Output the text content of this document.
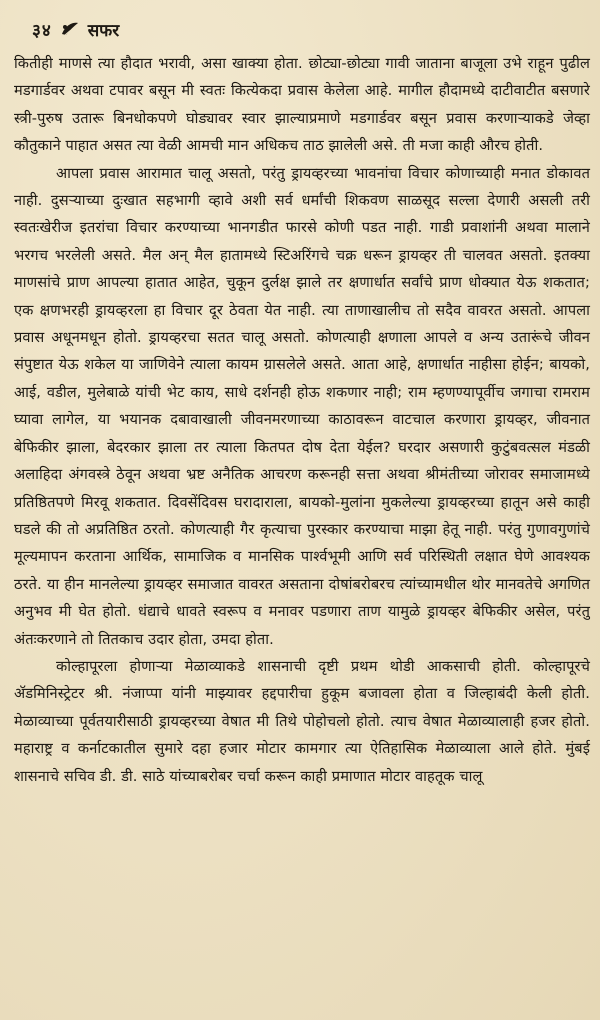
३४ सफर

कितीही माणसे त्या हौदात भरावी, असा खाक्या होता. छोट्या-छोट्या गावी जाताना बाजूला उभे राहून पुढील मडगार्डवर अथवा टपावर बसून मी स्वतः कित्येकदा प्रवास केलेला आहे. मागील हौदामध्ये दाटीवाटीत बसणारे स्त्री-पुरुष उतारू बिनधोकपणे घोड्यावर स्वार झाल्याप्रमाणे मडगार्डवर बसून प्रवास करणाऱ्याकडे जेव्हा कौतुकाने पाहात असत त्या वेळी आमची मान अधिकच ताठ झालेली असे. ती मजा काही औरच होती.

आपला प्रवास आरामात चालू असतो, परंतु ड्रायव्हरच्या भावनांचा विचार कोणाच्याही मनात डोकावत नाही. दुसऱ्याच्या दुःखात सहभागी व्हावे अशी सर्व धर्मांची शिकवण साळसूद सल्ला देणारी असली तरी स्वतःखेरीज इतरांचा विचार करण्याच्या भानगडीत फारसे कोणी पडत नाही. गाडी प्रवाशांनी अथवा मालाने भरगच भरलेली असते. मैल अन् मैल हातामध्ये स्टिअरिंगचे चक्र धरून ड्रायव्हर ती चालवत असतो. इतक्या माणसांचे प्राण आपल्या हातात आहेत, चुकून दुर्लक्ष झाले तर क्षणार्धात सर्वांचे प्राण धोक्यात येऊ शकतात; एक क्षणभरही ड्रायव्हरला हा विचार दूर ठेवता येत नाही. त्या ताणाखालीच तो सदैव वावरत असतो. आपला प्रवास अधूनमधून होतो. ड्रायव्हरचा सतत चालू असतो. कोणत्याही क्षणाला आपले व अन्य उतारूंचे जीवन संपुष्टात येऊ शकेल या जाणिवेने त्याला कायम ग्रासलेले असते. आता आहे, क्षणार्धात नाहीसा होईन; बायको, आई, वडील, मुलेबाळे यांची भेट काय, साधे दर्शनही होऊ शकणार नाही; राम म्हणण्यापूर्वीच जगाचा रामराम घ्यावा लागेल, या भयानक दबावाखाली जीवनमरणाच्या काठावरून वाटचाल करणारा ड्रायव्हर, जीवनात बेफिकीर झाला, बेदरकार झाला तर त्याला कितपत दोष देता येईल? घरदार असणारी कुटुंबवत्सल मंडळी अलाहिदा अंगवस्त्रे ठेवून अथवा भ्रष्ट अनैतिक आचरण करूनही सत्ता अथवा श्रीमंतीच्या जोरावर समाजामध्ये प्रतिष्ठितपणे मिरवू शकतात. दिवसेंदिवस घरादाराला, बायको-मुलांना मुकलेल्या ड्रायव्हरच्या हातून असे काही घडले की तो अप्रतिष्ठित ठरतो. कोणत्याही गैर कृत्याचा पुरस्कार करण्याचा माझा हेतू नाही. परंतु गुणावगुणांचे मूल्यमापन करताना आर्थिक, सामाजिक व मानसिक पार्श्वभूमी आणि सर्व परिस्थिती लक्षात घेणे आवश्यक ठरते. या हीन मानलेल्या ड्रायव्हर समाजात वावरत असताना दोषांबरोबरच त्यांच्यामधील थोर मानवतेचे अगणित अनुभव मी घेत होतो. धंद्याचे धावते स्वरूप व मनावर पडणारा ताण यामुळे ड्रायव्हर बेफिकीर असेल, परंतु अंतःकरणाने तो तितकाच उदार होता, उमदा होता.

कोल्हापूरला होणाऱ्या मेळाव्याकडे शासनाची दृष्टी प्रथम थोडी आकसाची होती. कोल्हापूरचे ॲडमिनिस्ट्रेटर श्री. नंजाप्पा यांनी माझ्यावर हद्दपारीचा हुकूम बजावला होता व जिल्हाबंदी केली होती. मेळाव्याच्या पूर्वतयारीसाठी ड्रायव्हरच्या वेषात मी तिथे पोहोचलो होतो. त्याच वेषात मेळाव्यालाही हजर होतो. महाराष्ट्र व कर्नाटकातील सुमारे दहा हजार मोटार कामगार त्या ऐतिहासिक मेळाव्याला आले होते. मुंबई शासनाचे सचिव डी. डी. साठे यांच्याबरोबर चर्चा करून काही प्रमाणात मोटार वाहतूक चालू
